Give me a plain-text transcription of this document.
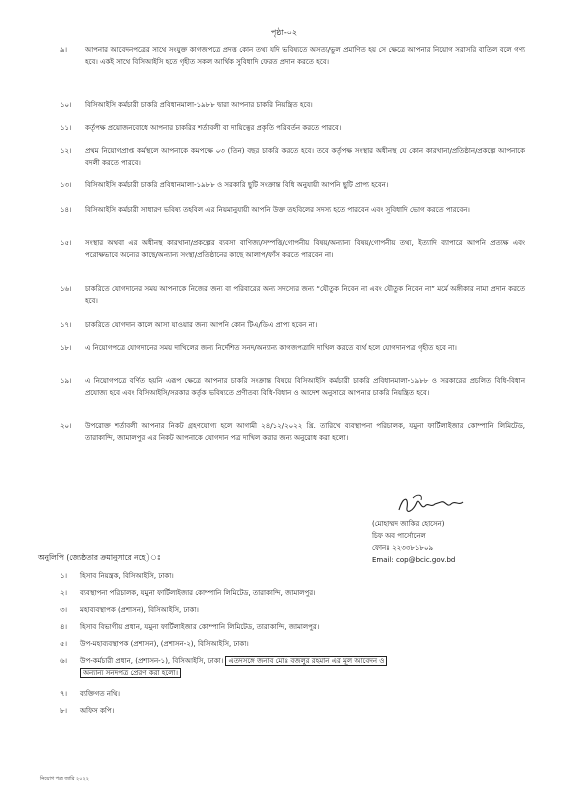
পৃষ্ঠা-০২
৯।	আপনার আবেদনপত্রের সাথে সংযুক্ত কাগজপত্রে প্রদত্ত কোন তথ্য যদি ভবিষ্যতে অসত্য/ভুল প্রমাণিত হয় সে ক্ষেত্রে আপনার নিয়োগ সরাসরি বাতিল বলে গণ্য হবে। একই সাথে বিসিআইসি হতে গৃহীত সকল আর্থিক সুবিধাদি ফেরত প্রদান করতে হবে।
১০।	বিসিআইসি কর্মচারী চাকরি প্রবিধানমালা-১৯৮৮ দ্বারা আপনার চাকরি নিয়ন্ত্রিত হবে।
১১।	কর্তৃপক্ষ প্রয়োজনবোধে আপনার চাকরির শর্তাবলী বা দায়িত্বের প্রকৃতি পরিবর্তন করতে পারবে।
১২।	প্রথম নিয়োগপ্রাপ্ত কর্মস্থলে আপনাকে কমপক্ষে ০৩ (তিন) বছর চাকরি করতে হবে। তবে কর্তৃপক্ষ সংস্থার অধীনস্থ যে কোন কারখানা/প্রতিষ্ঠান/প্রকল্পে আপনাকে বদলী করতে পারবে।
১৩।	বিসিআইসি কর্মচারী চাকরি প্রবিধানমালা-১৯৮৮ ও সরকারি ছুটি সংক্রান্ত বিধি অনুযায়ী আপনি ছুটি প্রাপ্য হবেন।
১৪।	বিসিআইসি কর্মচারী সাধারণ ভবিষ্য তহবিল এর নিয়মানুযায়ী আপনি উক্ত তহবিলের সদস্য হতে পারবেন এবং সুবিধাদি ভোগ করতে পারবেন।
১৫।	সংস্থার অথবা এর অধীনস্থ কারখানা/প্রকল্পের ব্যবসা বাণিজ্য/সম্পত্তি/গোপনীয় বিষয়/অন্যান্য বিষয়/গোপনীয় তথ্য, ইত্যাদি ব্যাপারে আপনি প্রত্যক্ষ এবং পরোক্ষভাবে অন্যের কাছে/অন্যান্য সংস্থা/প্রতিষ্ঠানের কাছে আলাপ/ফাঁস করতে পারবেন না।
১৬।	চাকরিতে যোগদানের সময় আপনাকে নিজের জন্য বা পরিবারের অন্য সদস্যের জন্য “যৌতুক নিবেন না এবং যৌতুক নিবেন না” মর্মে অঙ্গীকার নামা প্রদান করতে হবে।
১৭।	চাকরিতে যোগদান কালে আসা যাওয়ার জন্য আপনি কোন টিএ/ডিএ প্রাপ্য হবেন না।
১৮।	এ নিয়োগপত্রে যোগদানের সময় দাখিলের জন্য নির্দেশিত সনদ/অন্যান্য কাগজপত্রাদি দাখিল করতে ব্যর্থ হলে যোগদানপত্র গৃহীত হবে না।
১৯।	এ নিয়োগপত্রে বর্ণিত হয়নি এরূপ ক্ষেত্রে আপনার চাকরি সংক্রান্ত বিষয়ে বিসিআইসি কর্মচারী চাকরি প্রবিধানমালা-১৯৮৮ ও সরকারের প্রচলিত বিধি-বিধান প্রযোজ্য হবে এবং বিসিআইসি/সরকার কর্তৃক ভবিষ্যতে প্রণীতব্য বিধি-বিধান ও আদেশ অনুসারে আপনার চাকরি নিয়ন্ত্রিত হবে।
২০।	উপরোক্ত শর্তাবলী আপনার নিকট গ্রহণযোগ্য হলে আগামী ২৪/১২/২০২২ খ্রি. তারিখে ব্যবস্থাপনা পরিচালক, যমুনা ফার্টিলাইজার কোম্পানি লিমিটেড, তারাকান্দি, জামালপুর এর নিকট আপনাকে যোগদান পত্র দাখিল করার জন্য অনুরোধ করা হলো।
(মোহাম্মদ জাকির হোসেন)
চিফ অব পার্সোনেল
ফোনঃ ২২৩৩৮১৮০৯
Email: cop@bcic.gov.bd
অনুলিপি (জ্যেষ্ঠতার ক্রমানুসারে নহে)ঃ
১।	হিসাব নিয়ন্ত্রক, বিসিআইসি, ঢাকা।
২।	ব্যবস্থাপনা পরিচালক, যমুনা ফার্টিলাইজার কোম্পানি লিমিটেড, তারাকান্দি, জামালপুর।
৩।	মহাব্যবস্থাপক (প্রশাসন), বিসিআইসি, ঢাকা।
৪।	হিসাব বিভাগীয় প্রধান, যমুনা ফার্টিলাইজার কোম্পানি লিমিটেড, তারাকান্দি, জামালপুর।
৫।	উপ-মহাব্যবস্থাপক (প্রশাসন), (প্রশাসন-২), বিসিআইসি, ঢাকা।
৬।	উপ-কর্মচারী প্রধান, (প্রশাসন-১), বিসিআইসি, ঢাকা। এতদসঙ্গে জনাব মোঃ বজলুর রহমান এর মূল আবেদন ও
অন্যান্য সনদপত্র প্রেরণ করা হলো।
৭।	ব্যক্তিগত নথি।
৮।	অফিস কপি।
নিয়োগ পত্র জারি ২০২২
